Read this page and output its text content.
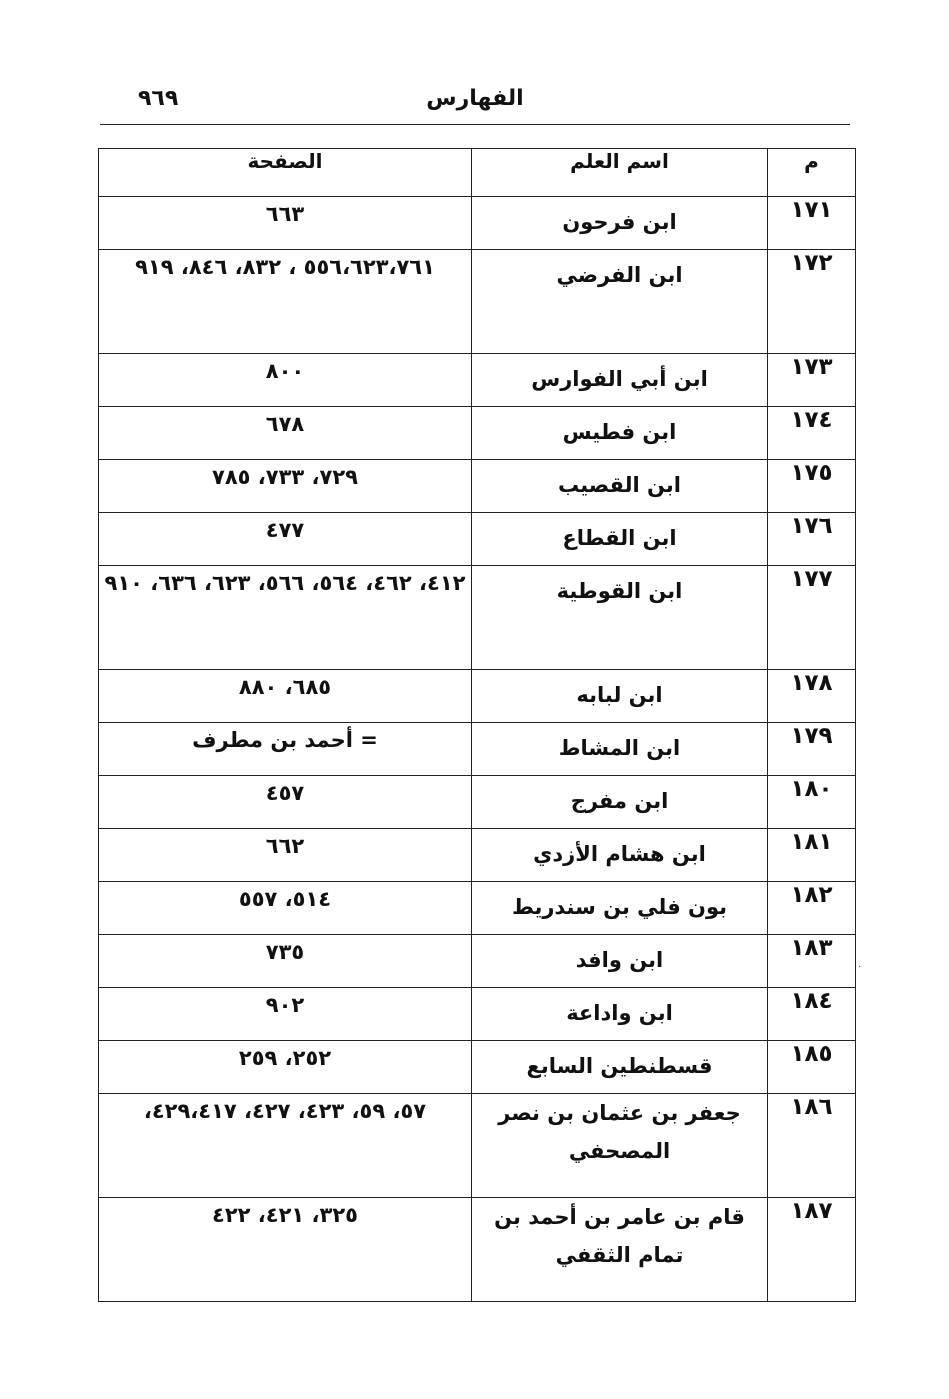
٩٦٩	الفهارس
م	اسم العلم	الصفحة
١٧١	ابن فرحون	٦٦٣
١٧٢	ابن الفرضي	٥٥٦،٦٢٣،٧٦١ ، ٨٣٢، ٨٤٦، ٩١٩
١٧٣	ابن أبي الفوارس	٨٠٠
١٧٤	ابن فطيس	٦٧٨
١٧٥	ابن القصيب	٧٢٩، ٧٣٣، ٧٨٥
١٧٦	ابن القطاع	٤٧٧
١٧٧	ابن القوطية	٤١٢، ٤٦٢، ٥٦٤، ٥٦٦، ٦٢٣، ٦٣٦، ٩١٠
١٧٨	ابن لبابه	٦٨٥، ٨٨٠
١٧٩	ابن المشاط	= أحمد بن مطرف
١٨٠	ابن مفرج	٤٥٧
١٨١	ابن هشام الأزدي	٦٦٢
١٨٢	بون فلي بن سندريط	٥١٤، ٥٥٧
١٨٣	ابن وافد	٧٣٥
١٨٤	ابن واداعة	٩٠٢
١٨٥	قسطنطين السابع	٢٥٢، ٢٥٩
١٨٦	جعفر بن عثمان بن نصر المصحفي	٥٧، ٥٩، ٤٢٣، ٤٢٧، ٤٢٩،٤١٧،
١٨٧	قام بن عامر بن أحمد بن تمام الثقفي	٣٢٥، ٤٢١، ٤٢٢
·
